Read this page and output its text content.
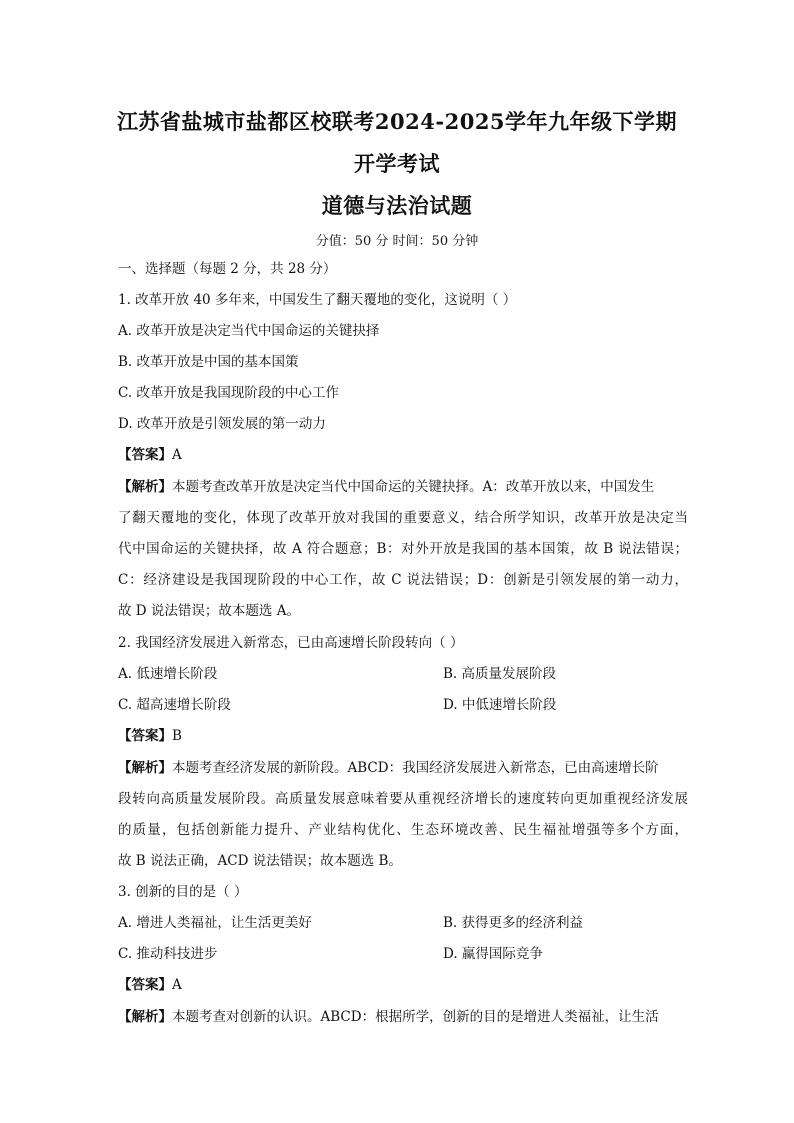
江苏省盐城市盐都区校联考2024-2025学年九年级下学期
开学考试
道德与法治试题
分值：50 分 时间：50 分钟
一、选择题（每题 2 分，共 28 分）
1. 改革开放 40 多年来，中国发生了翻天覆地的变化，这说明（ ）
A. 改革开放是决定当代中国命运的关键抉择
B. 改革开放是中国的基本国策
C. 改革开放是我国现阶段的中心工作
D. 改革开放是引领发展的第一动力
【答案】A
【解析】本题考查改革开放是决定当代中国命运的关键抉择。A：改革开放以来，中国发生
了翻天覆地的变化，体现了改革开放对我国的重要意义，结合所学知识，改革开放是决定当
代中国命运的关键抉择，故 A 符合题意；B：对外开放是我国的基本国策，故 B 说法错误；
C：经济建设是我国现阶段的中心工作，故 C 说法错误；D：创新是引领发展的第一动力，
故 D 说法错误；故本题选 A。
2. 我国经济发展进入新常态，已由高速增长阶段转向（ ）
A. 低速增长阶段	B. 高质量发展阶段
C. 超高速增长阶段	D. 中低速增长阶段
【答案】B
【解析】本题考查经济发展的新阶段。ABCD：我国经济发展进入新常态，已由高速增长阶
段转向高质量发展阶段。高质量发展意味着要从重视经济增长的速度转向更加重视经济发展
的质量，包括创新能力提升、产业结构优化、生态环境改善、民生福祉增强等多个方面，
故 B 说法正确，ACD 说法错误；故本题选 B。
3. 创新的目的是（ ）
A. 增进人类福祉，让生活更美好	B. 获得更多的经济利益
C. 推动科技进步	D. 赢得国际竞争
【答案】A
【解析】本题考查对创新的认识。ABCD：根据所学，创新的目的是增进人类福祉，让生活
